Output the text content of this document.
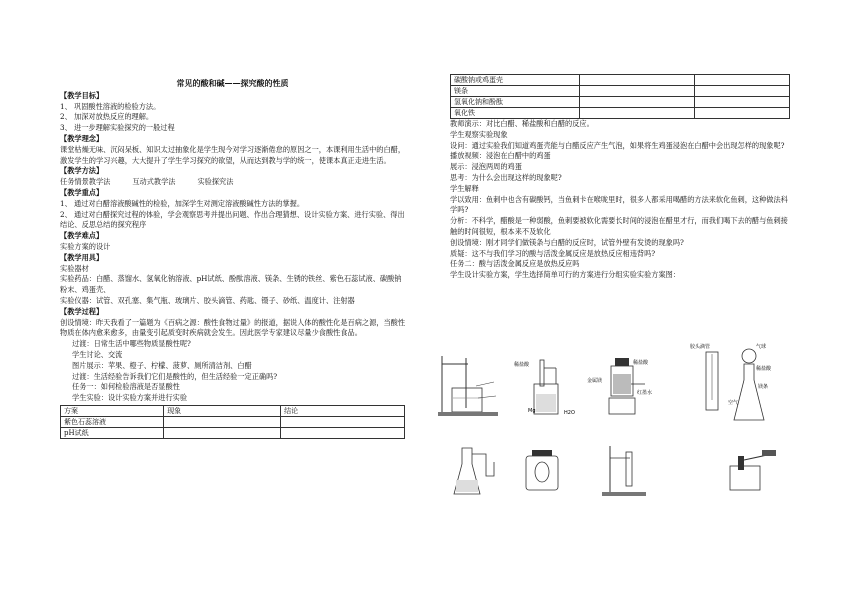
常见的酸和碱——探究酸的性质
【教学目标】
1、 巩固酸性溶液的检验方法。
2、 加深对放热反应的理解。
3、 进一步理解实验探究的一般过程
【教学理念】
课堂枯燥无味、沉闷呆板、知识太过抽象化是学生现今对学习逐渐倦怠的原因之一，本课利用生活中的白醋，激发学生的学习兴趣，大大提升了学生学习探究的欲望，从而达到教与学的统一，使课本真正走进生活。
【教学方法】
任务情景教学法	互动式教学法	实验探究法
【教学重点】
1、 通过对白醋溶液酸碱性的检验，加深学生对测定溶液酸碱性方法的掌握。
2、 通过对白醋探究过程的体验，学会观察思考并提出问题、作出合理猜想、设计实验方案、进行实验、得出结论、反思总结的探究程序
【教学难点】
实验方案的设计
【教学用具】
实验器材
实验药品：白醋、蒸馏水、氢氧化钠溶液、pH试纸、酚酞溶液、镁条、生锈的铁丝、紫色石蕊试液、碳酸钠粉末、鸡蛋壳、
实验仪器：试管、双孔塞、集气瓶、玻璃片、胶头滴管、药匙、镊子、砂纸、温度计、注射器
【教学过程】
创设情境：昨天我看了一篇题为《百病之源：酸性食物过量》的报道，据说人体的酸性化是百病之源，当酸性物质在体内愈来愈多，由量变引起质变时疾病就会发生。因此医学专家建议尽量少食酸性食品。
过渡：日常生活中哪些物质显酸性呢?
学生讨论、交流
图片展示：苹果、橙子、柠檬、菠萝、厕所清洁剂、白醋
过渡：生活经验告诉我们它们是酸性的，但生活经验一定正确吗?
任务一：如何检验溶液是否显酸性
学生实验：设计实验方案并进行实验
方案	现象	结论
紫色石蕊溶液		
pH试纸		
碳酸钠或鸡蛋壳		
镁条		
氢氧化钠和酚酞		
氧化铁		
教师演示：对比白醋、稀盐酸和白醋的反应。
学生观察实验现象
设问：通过实验我们知道鸡蛋壳能与白醋反应产生气泡，如果将生鸡蛋浸泡在白醋中会出现怎样的现象呢?
播放视频：浸泡在白醋中的鸡蛋
展示：浸泡两周的鸡蛋
思考：为什么会出现这样的现象呢?
学生解释
学以致用：鱼刺中也含有碳酸钙，当鱼刺卡在喉咙里时，很多人都采用喝醋的方法来软化鱼刺，这种做法科学吗?
分析：不科学，醋酸是一种弱酸，鱼刺要被软化需要长时间的浸泡在醋里才行，而我们喝下去的醋与鱼刺接触的时间很短，根本来不及软化
创设情境：刚才同学们做镁条与白醋的反应时，试管外壁有发烫的现象吗?
质疑：这不与我们学习的酸与活泼金属反应是放热反应相违背吗?
任务二：酸与活泼金属反应是放热反应吗
学生设计实验方案，学生选择简单可行的方案进行分组实验实验方案图：
稀盐酸
Mg	H2O
稀盐酸
金属镁
红墨水
胶头滴管	气球
稀盐酸
镁条
空气
